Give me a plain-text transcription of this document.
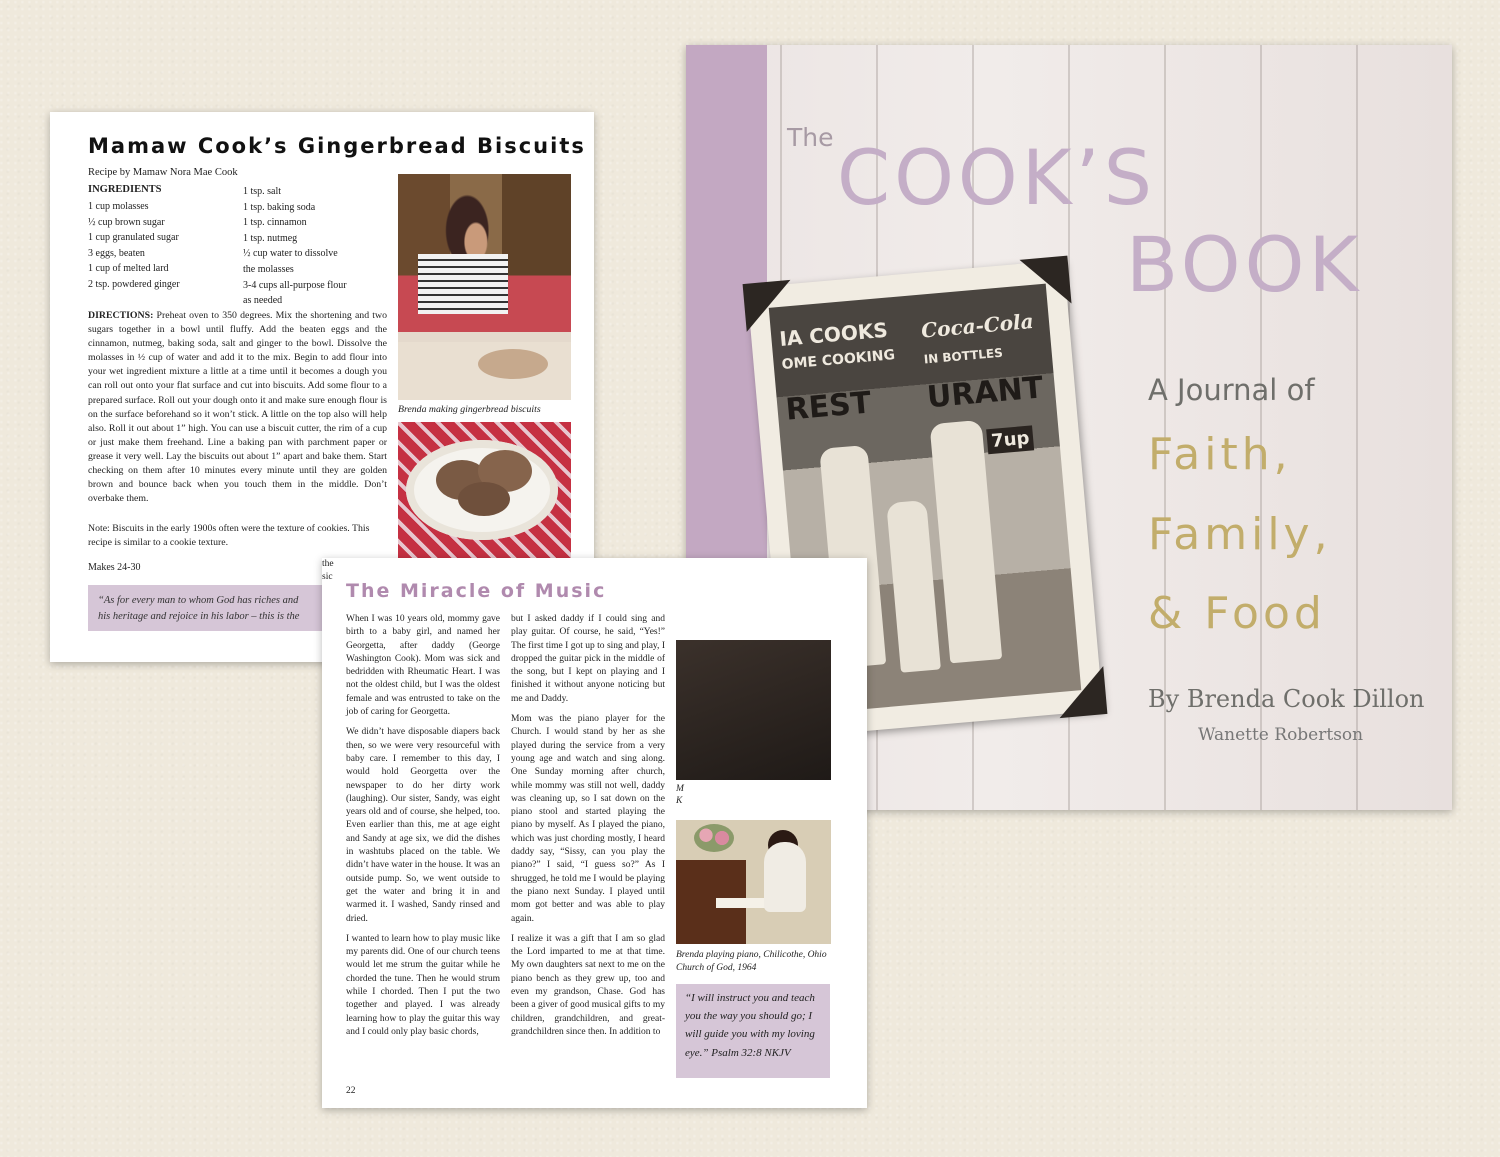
Mamaw Cook’s Gingerbread Biscuits
Recipe by Mamaw Nora Mae Cook
INGREDIENTS
1 cup molasses
½ cup brown sugar
1 cup granulated sugar
3 eggs, beaten
1 cup of melted lard
2 tsp. powdered ginger
1 tsp. salt
1 tsp. baking soda
1 tsp. cinnamon
1 tsp. nutmeg
½ cup water to dissolve
the molasses
3-4 cups all-purpose flour
as needed
DIRECTIONS: Preheat oven to 350 degrees. Mix the shortening and two sugars together in a bowl until fluffy. Add the beaten eggs and the cinnamon, nutmeg, baking soda, salt and ginger to the bowl. Dissolve the molasses in ½ cup of water and add it to the mix. Begin to add flour into your wet ingredient mixture a little at a time until it becomes a dough you can roll out onto your flat surface and cut into biscuits. Add some flour to a prepared surface. Roll out your dough onto it and make sure enough flour is on the surface beforehand so it won’t stick. A little on the top also will help also. Roll it out about 1” high. You can use a biscuit cutter, the rim of a cup or just make them freehand. Line a baking pan with parchment paper or grease it very well. Lay the biscuits out about 1” apart and bake them. Start checking on them after 10 minutes every minute until they are golden brown and bounce back when you touch them in the middle. Don’t overbake them.
Note: Biscuits in the early 1900s often were the texture of cookies. This recipe is similar to a cookie texture.
Makes 24-30
“As for every man to whom God has riches and
his heritage and rejoice in his labor – this is the
Brenda making gingerbread biscuits
The COOK’S
BOOK
A Journal of
Faith,
Family,
& Food
By Brenda Cook Dillon
Wanette Robertson
IA COOKS
OME COOKING
REST URANT
Coca-Cola
IN BOTTLES
7up
The Miracle of Music

When I was 10 years old, mommy gave birth to a baby girl, and named her Georgetta, after daddy (George Washington Cook). Mom was sick and bedridden with Rheumatic Heart. I was not the oldest child, but I was the oldest female and was entrusted to take on the job of caring for Georgetta.

We didn’t have disposable diapers back then, so we were very resourceful with baby care. I remember to this day, I would hold Georgetta over the newspaper to do her dirty work (laughing). Our sister, Sandy, was eight years old and of course, she helped, too. Even earlier than this, me at age eight and Sandy at age six, we did the dishes in washtubs placed on the table. We didn’t have water in the house. It was an outside pump. So, we went outside to get the water and bring it in and warmed it. I washed, Sandy rinsed and dried.

I wanted to learn how to play music like my parents did. One of our church teens would let me strum the guitar while he chorded the tune. Then he would strum while I chorded. Then I put the two together and played. I was already learning how to play the guitar this way and I could only play basic chords,

but I asked daddy if I could sing and play guitar. Of course, he said, “Yes!” The first time I got up to sing and play, I dropped the guitar pick in the middle of the song, but I kept on playing and I finished it without anyone noticing but me and Daddy.

Mom was the piano player for the Church. I would stand by her as she played during the service from a very young age and watch and sing along. One Sunday morning after church, while mommy was still not well, daddy was cleaning up, so I sat down on the piano stool and started playing the piano by myself. As I played the piano, which was just chording mostly, I heard daddy say, “Sissy, can you play the piano?” I said, “I guess so?” As I shrugged, he told me I would be playing the piano next Sunday. I played until mom got better and was able to play again.

I realize it was a gift that I am so glad the Lord imparted to me at that time. My own daughters sat next to me on the piano bench as they grew up, too and even my grandson, Chase. God has been a giver of good musical gifts to my children, grandchildren, and great-grandchildren since then. In addition to

the
sic
M
K
Brenda playing piano, Chilicothe, Ohio Church of God, 1964
“I will instruct you and teach you the way you should go; I will guide you with my loving eye.” Psalm 32:8 NKJV
22
